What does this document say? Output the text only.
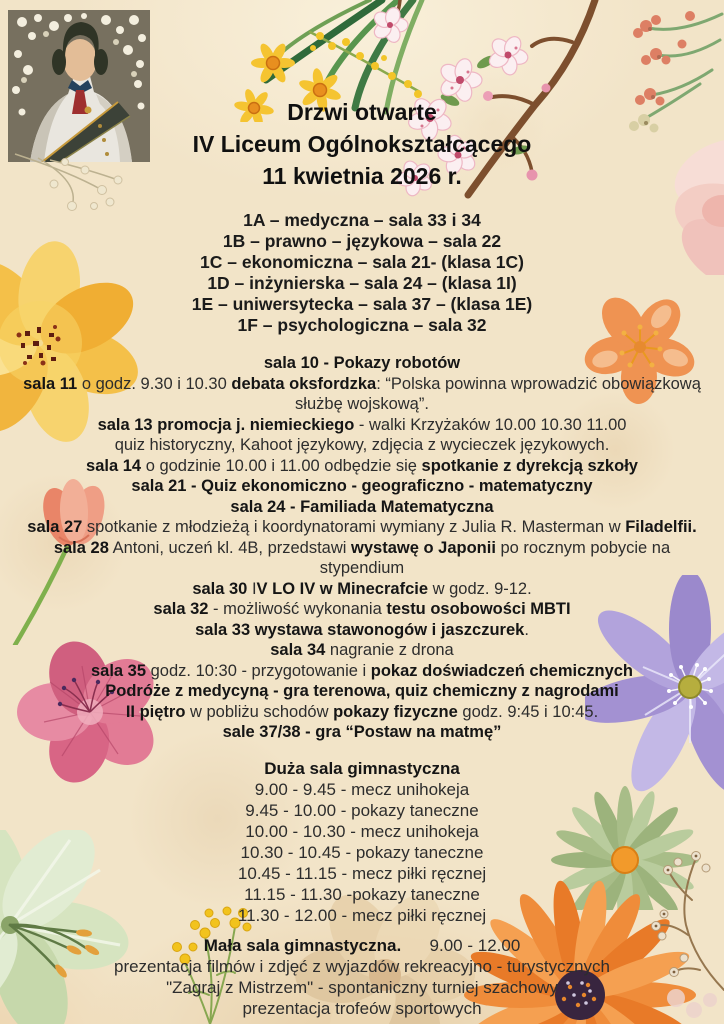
Drzwi otwarte
IV Liceum Ogólnokształcącego
11 kwietnia 2026 r.
1A – medyczna – sala 33 i 34
1B – prawno – językowa – sala 22
1C – ekonomiczna – sala 21- (klasa 1C)
1D – inżynierska – sala 24 – (klasa 1I)
1E – uniwersytecka – sala 37 – (klasa 1E)
1F – psychologiczna – sala 32
sala 10 - Pokazy robotów
sala 11 o godz. 9.30 i 10.30 debata oksfordzka: “Polska powinna wprowadzić obowiązkową służbę wojskową”.
sala 13 promocja j. niemieckiego - walki Krzyżaków 10.00 10.30 11.00
quiz historyczny, Kahoot językowy, zdjęcia z wycieczek językowych.
sala 14 o godzinie 10.00 i 11.00 odbędzie się spotkanie z dyrekcją szkoły
sala 21 - Quiz ekonomiczno - geograficzno - matematyczny
sala 24 - Familiada Matematyczna
sala 27 spotkanie z młodzieżą i koordynatorami wymiany z Julia R. Masterman w Filadelfii.
sala 28 Antoni, uczeń kl. 4B, przedstawi wystawę o Japonii po rocznym pobycie na stypendium
sala 30 IV LO IV w Minecrafcie w godz. 9-12.
sala 32 - możliwość wykonania testu osobowości MBTI
sala 33 wystawa stawonogów i jaszczurek.
sala 34 nagranie z drona
sala 35 godz. 10:30 - przygotowanie i pokaz doświadczeń chemicznych
Podróże z medycyną - gra terenowa, quiz chemiczny z nagrodami
II piętro w pobliżu schodów pokazy fizyczne godz. 9:45 i 10:45.
sale 37/38 - gra “Postaw na matmę”
Duża sala gimnastyczna
9.00 - 9.45 - mecz unihokeja
9.45 - 10.00 - pokazy taneczne
10.00 - 10.30 - mecz unihokeja
10.30 - 10.45 - pokazy taneczne
10.45 - 11.15 - mecz piłki ręcznej
11.15 - 11.30 -pokazy taneczne
11.30 - 12.00 - mecz piłki ręcznej
Mała sala gimnastyczna.      9.00 - 12.00
prezentacja filmów i zdjęć z wyjazdów rekreacyjno - turystycznych
"Zagraj z Mistrzem" - spontaniczny turniej szachowy
prezentacja trofeów sportowych
